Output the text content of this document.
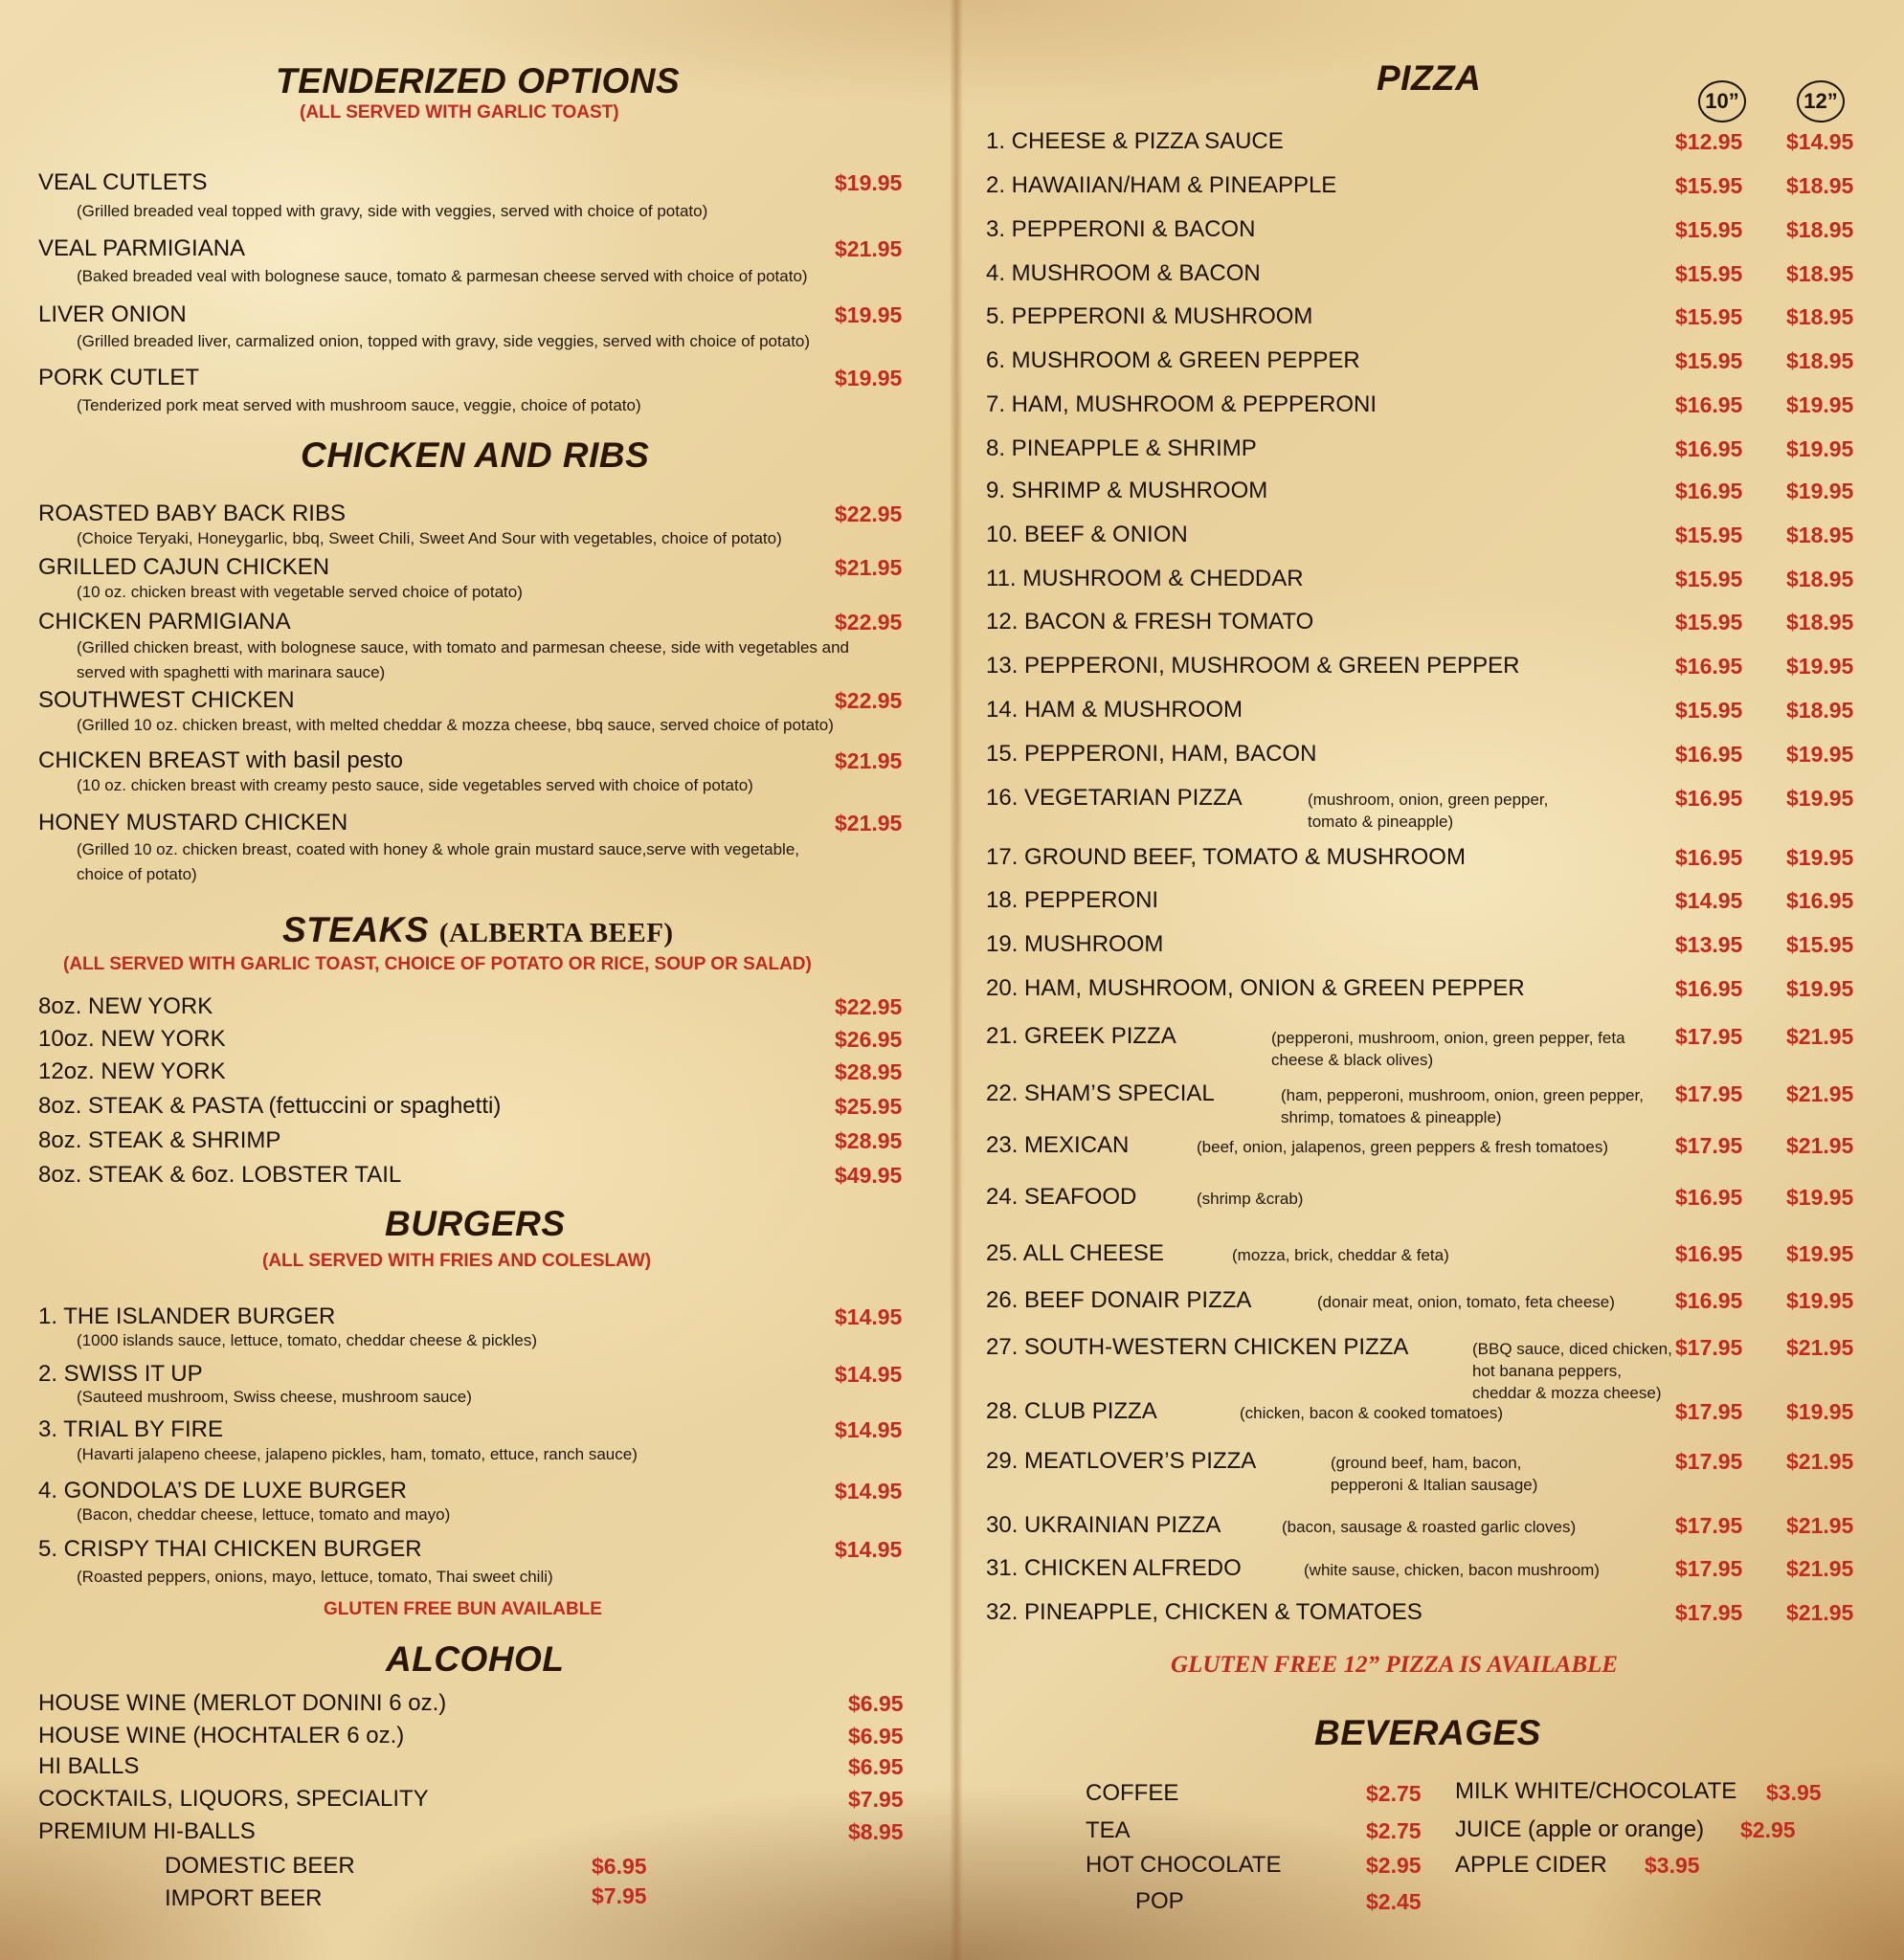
TENDERIZED OPTIONS
(ALL SERVED WITH GARLIC TOAST)
VEAL CUTLETS	$19.95
(Grilled breaded veal topped with gravy, side with veggies, served with choice of potato)
VEAL PARMIGIANA	$21.95
(Baked breaded veal with bolognese sauce, tomato & parmesan cheese served with choice of potato)
LIVER ONION	$19.95
(Grilled breaded liver, carmalized onion, topped with gravy, side veggies, served with choice of potato)
PORK CUTLET	$19.95
(Tenderized pork meat served with mushroom sauce, veggie, choice of potato)
CHICKEN AND RIBS
ROASTED BABY BACK RIBS	$22.95
(Choice Teryaki, Honeygarlic, bbq, Sweet Chili, Sweet And Sour with vegetables, choice of potato)
GRILLED CAJUN CHICKEN	$21.95
(10 oz. chicken breast with vegetable served choice of potato)
CHICKEN PARMIGIANA	$22.95
(Grilled chicken breast, with bolognese sauce, with tomato and parmesan cheese, side with vegetables and served with spaghetti with marinara sauce)
SOUTHWEST CHICKEN	$22.95
(Grilled 10 oz. chicken breast, with melted cheddar & mozza cheese, bbq sauce, served choice of potato)
CHICKEN BREAST with basil pesto	$21.95
(10 oz. chicken breast with creamy pesto sauce, side vegetables served with choice of potato)
HONEY MUSTARD CHICKEN	$21.95
(Grilled 10 oz. chicken breast, coated with honey & whole grain mustard sauce,serve with vegetable, choice of potato)
STEAKS (ALBERTA BEEF)
(ALL SERVED WITH GARLIC TOAST, CHOICE OF POTATO OR RICE, SOUP OR SALAD)
8oz. NEW YORK	$22.95
10oz. NEW YORK	$26.95
12oz. NEW YORK	$28.95
8oz. STEAK & PASTA (fettuccini or spaghetti)	$25.95
8oz. STEAK & SHRIMP	$28.95
8oz. STEAK & 6oz. LOBSTER TAIL	$49.95
BURGERS
(ALL SERVED WITH FRIES AND COLESLAW)
1. THE ISLANDER BURGER	$14.95
(1000 islands sauce, lettuce, tomato, cheddar cheese & pickles)
2. SWISS IT UP	$14.95
(Sauteed mushroom, Swiss cheese, mushroom sauce)
3. TRIAL BY FIRE	$14.95
(Havarti jalapeno cheese, jalapeno pickles, ham, tomato, ettuce, ranch sauce)
4. GONDOLA’S DE LUXE BURGER	$14.95
(Bacon, cheddar cheese, lettuce, tomato and mayo)
5. CRISPY THAI CHICKEN BURGER	$14.95
(Roasted peppers, onions, mayo, lettuce, tomato, Thai sweet chili)
GLUTEN FREE BUN AVAILABLE
ALCOHOL
HOUSE WINE (MERLOT DONINI 6 oz.)	$6.95
HOUSE WINE (HOCHTALER 6 oz.)	$6.95
HI BALLS	$6.95
COCKTAILS, LIQUORS, SPECIALITY	$7.95
PREMIUM HI-BALLS	$8.95
DOMESTIC BEER	$6.95
IMPORT BEER	$7.95
PIZZA
10”	12”
1. CHEESE & PIZZA SAUCE	$12.95 $14.95
2. HAWAIIAN/HAM & PINEAPPLE	$15.95 $18.95
3. PEPPERONI & BACON	$15.95 $18.95
4. MUSHROOM & BACON	$15.95 $18.95
5. PEPPERONI & MUSHROOM	$15.95 $18.95
6. MUSHROOM & GREEN PEPPER	$15.95 $18.95
7. HAM, MUSHROOM & PEPPERONI	$16.95 $19.95
8. PINEAPPLE & SHRIMP	$16.95 $19.95
9. SHRIMP & MUSHROOM	$16.95 $19.95
10. BEEF & ONION	$15.95 $18.95
11. MUSHROOM & CHEDDAR	$15.95 $18.95
12. BACON & FRESH TOMATO	$15.95 $18.95
13. PEPPERONI, MUSHROOM & GREEN PEPPER	$16.95 $19.95
14. HAM & MUSHROOM	$15.95 $18.95
15. PEPPERONI, HAM, BACON	$16.95 $19.95
16. VEGETARIAN PIZZA	(mushroom, onion, green pepper, tomato & pineapple)
$16.95 $19.95
17. GROUND BEEF, TOMATO & MUSHROOM	$16.95 $19.95
18. PEPPERONI	$14.95 $16.95
19. MUSHROOM	$13.95 $15.95
20. HAM, MUSHROOM, ONION & GREEN PEPPER	$16.95 $19.95
21. GREEK PIZZA	(pepperoni, mushroom, onion, green pepper, feta cheese & black olives)
$17.95 $21.95
22. SHAM’S SPECIAL	(ham, pepperoni, mushroom, onion, green pepper, shrimp, tomatoes & pineapple)
$17.95 $21.95
23. MEXICAN	(beef, onion, jalapenos, green peppers & fresh tomatoes)	$17.95 $21.95
24. SEAFOOD	(shrimp &crab)	$16.95 $19.95
25. ALL CHEESE	(mozza, brick, cheddar & feta)	$16.95 $19.95
26. BEEF DONAIR PIZZA	(donair meat, onion, tomato, feta cheese)	$16.95 $19.95
27. SOUTH-WESTERN CHICKEN PIZZA	(BBQ sauce, diced chicken, hot banana peppers, cheddar & mozza cheese)
$17.95 $21.95
28. CLUB PIZZA	(chicken, bacon & cooked tomatoes)	$17.95 $19.95
29. MEATLOVER’S PIZZA	(ground beef, ham, bacon, pepperoni & Italian sausage)
$17.95 $21.95
30. UKRAINIAN PIZZA	(bacon, sausage & roasted garlic cloves)	$17.95 $21.95
31. CHICKEN ALFREDO	(white sause, chicken, bacon mushroom)	$17.95 $21.95
32. PINEAPPLE, CHICKEN & TOMATOES	$17.95 $21.95
GLUTEN FREE 12” PIZZA IS AVAILABLE
BEVERAGES
COFFEE	$2.75
TEA	$2.75
HOT CHOCOLATE	$2.95
POP	$2.45
MILK WHITE/CHOCOLATE $3.95
JUICE (apple or orange) $2.95
APPLE CIDER $3.95
